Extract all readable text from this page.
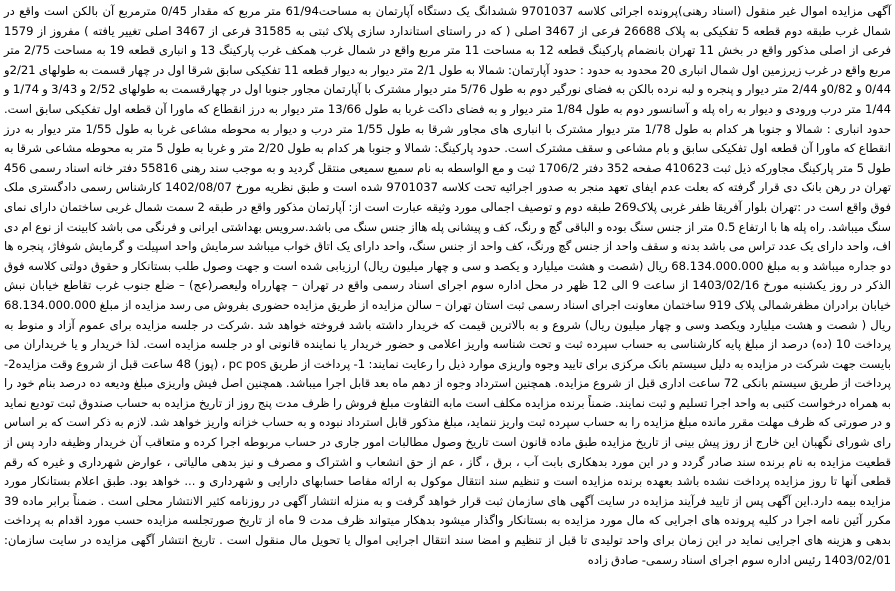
آگهی مزایده اموال غیر منقول (اسناد رهنی)پرونده اجرائی کلاسه 9701037 ششدانگ یک دستگاه آپارتمان به مساحت61/94 متر مربع که مقدار 0/45 مترمربع آن بالکن است واقع در شمال غرب طبقه دوم قطعه 5 تفکیکی به پلاک 26688 فرعی از 3467 اصلی ( که در راستای استاندارد سازی پلاک ثبتی به 31585 فرعی از 3467 اصلی تغییر یافته ) مفروز از 1579 فرعی از اصلی مذکور واقع در بخش 11 تهران بانضمام پارکینگ قطعه 12 به مساحت 11 متر مربع واقع در شمال غرب همکف غرب پارکینگ 13 و انباری قطعه 19 به مساحت 2/75 متر مربع واقع در غرب زیرزمین اول شمال انباری 20 محدود به حدود : حدود آپارتمان: شمالا به طول 2/1 متر دیوار به دیوار قطعه 11 تفکیکی سابق شرقا اول در چهار قسمت به طولهای 2/21و 0/44 و 0/82و 2/44 متر دیوار و پنجره و لبه نرده بالکن به فضای نورگیر دوم به طول 5/76 متر دیوار مشترک با آپارتمان مجاور جنوبا اول در چهارقسمت به طولهای 2/52 و 3/43 و 1/74 و 1/44 متر درب ورودی و دیوار به راه پله و آسانسور دوم به طول 1/84 متر دیوار و به فضای داکت غربا به طول 13/66 متر دیوار به درز انقطاع که ماورا آن قطعه اول تفکیکی سابق است. حدود انباری : شمالا و جنوبا هر کدام به طول 1/78 متر دیوار مشترک با انباری های مجاور شرقا به طول 1/55 متر درب و دیوار به محوطه مشاعی غربا به طول 1/55 متر دیوار به درز انقطاع که ماورا آن قطعه اول تفکیکی سابق و بام مشاعی و سقف مشترک است. حدود پارکینگ: شمالا و جنوبا هر کدام به طول 2/20 متر و غربا به طول 5 متر به محوطه مشاعی شرقا به طول 5 متر پارکینگ مجاورکه ذیل ثبت 410623 صفحه 352 دفتر 1706/2 ثبت و مع الواسطه به نام سمیع سمیعی منتقل گردید و به موجب سند رهنی 55816 دفتر خانه اسناد رسمی 456 تهران در رهن بانک دی قرار گرفته که بعلت عدم ایفای تعهد منجر به صدور اجرائیه تحت کلاسه 9701037 شده است و طبق نظریه مورخ 1402/08/07 کارشناس رسمی دادگستری ملک فوق واقع است در :تهران بلوار آفریقا ظفر غربی پلاک269 طبقه دوم و توصیف اجمالی مورد وثیقه عبارت است از: آپارتمان مذکور واقع در طبقه 2 سمت شمال غربی ساختمان دارای نمای سنگ میباشد. راه پله ها با ارتفاع 0.5 متر از جنس سنگ بوده و الباقی گچ و رنگ، کف و پیشانی پله هااز جنس سنگ می باشد.سرویس بهداشتی ایرانی و فرنگی می باشد کابینت از نوع ام دی اف، واحد دارای یک عدد تراس می باشد بدنه و سقف واحد از جنس گچ ورنگ، کف واحد از جنس سنگ، واحد دارای یک اتاق خواب میباشد سرمایش واحد اسپیلت و گرمایش شوفاژ، پنجره ها دو جداره میباشد و به مبلغ 68.134.000.000 ریال (شصت و هشت میلیارد و یکصد و سی و چهار میلیون ریال) ارزیابی شده است و جهت وصول طلب بستانکار و حقوق دولتی کلاسه فوق الذکر در روز یکشنبه مورخ 1403/02/16 از ساعت 9 الی 12 ظهر در محل اداره سوم اجرای اسناد رسمی واقع در تهران – چهارراه ولیعصر(عج) – ضلع جنوب غرب تقاطع خیابان نبش خیابان برادران مظفرشمالی پلاک 919 ساختمان معاونت اجرای اسناد رسمی ثبت استان تهران – سالن مزایده از طریق مزایده حضوری بفروش می رسد مزایده از مبلغ 68.134.000.000 ریال ( شصت و هشت میلیارد ویکصد وسی و چهار میلیون ریال) شروع و به بالاترین قیمت که خریدار داشته باشد فروخته خواهد شد .شرکت در جلسه مزایده برای عموم آزاد و منوط به پرداخت 10 (ده) درصد از مبلغ پایه کارشناسی به حساب سپرده ثبت و تحت شناسه واریز اعلامی و حضور خریدار یا نماینده قانونی او در جلسه مزایده است. لذا خریدار و یا خریداران می بایست جهت شرکت در مزایده به دلیل سیستم بانک مرکزی برای تایید وجوه واریزی موارد ذیل را رعایت نمایند: 1- پرداخت از طریق pc pos ، (پوز) 48 ساعت قبل از شروع وقت مزایده2- پرداخت از طریق سیستم بانکی 72 ساعت اداری قبل از شروع مزایده. همچنین استرداد وجوه از دهم ماه بعد قابل اجرا میباشد. همچنین اصل فیش واریزی مبلغ ودیعه ده درصد بنام خود را به همراه درخواست کتبی به واحد اجرا تسلیم و ثبت نمایند. ضمناً برنده مزایده مکلف است مابه التفاوت مبلغ فروش را ظرف مدت پنج روز از تاریخ مزایده به حساب صندوق ثبت تودیع نماید و در صورتی که ظرف مهلت مقرر مانده مبلغ مزایده را به حساب سپرده ثبت واریز ننماید، مبلغ مذکور قابل استرداد نبوده و به حساب خزانه واریز خواهد شد. لازم به ذکر است که بر اساس رای شورای نگهبان این خارج از روز پیش بینی از تاریخ مزایده طبق ماده قانون است تاریخ وصول مطالبات امور جاری در حساب مربوطه اجرا کرده و متعاقب آن خریدار وظیفه دارد پس از قطعیت مزایده به نام برنده سند صادر گردد و در این مورد بدهکاری بابت آب ، برق ، گاز ، عم از حق انشعاب و اشتراک و مصرف و نیز بدهی مالیاتی ، عوارض شهرداری و غیره که رقم قطعی آنها تا روز مزایده پرداخت نشده باشد بعهده برنده مزایده است و تنظیم سند انتقال موکول به ارائه مفاصا حسابهای دارایی و شهرداری و ... خواهد بود. طبق اعلام بستانکار مورد مزایده بیمه دارد.این آگهی پس از تایید فرآیند مزایده در سایت آگهی های سازمان ثبت قرار خواهد گرفت و به منزله انتشار آگهی در روزنامه کثیر الانتشار محلی است . ضمناً برابر ماده 39 مکرر آئین نامه اجرا در کلیه پرونده های اجرایی که مال مورد مزایده به بستانکار واگذار میشود بدهکار میتواند ظرف مدت 9 ماه از تاریخ صورتجلسه مزایده حسب مورد اقدام به پرداخت بدهی و هزینه های اجرایی نماید در این زمان برای واحد تولیدی تا قبل از تنظیم و امضا سند انتقال اجرایی اموال یا تحویل مال منقول است . تاریخ انتشار آگهی مزایده در سایت سازمان: 1403/02/01 رئیس اداره سوم اجرای اسناد رسمی- صادق زاده
